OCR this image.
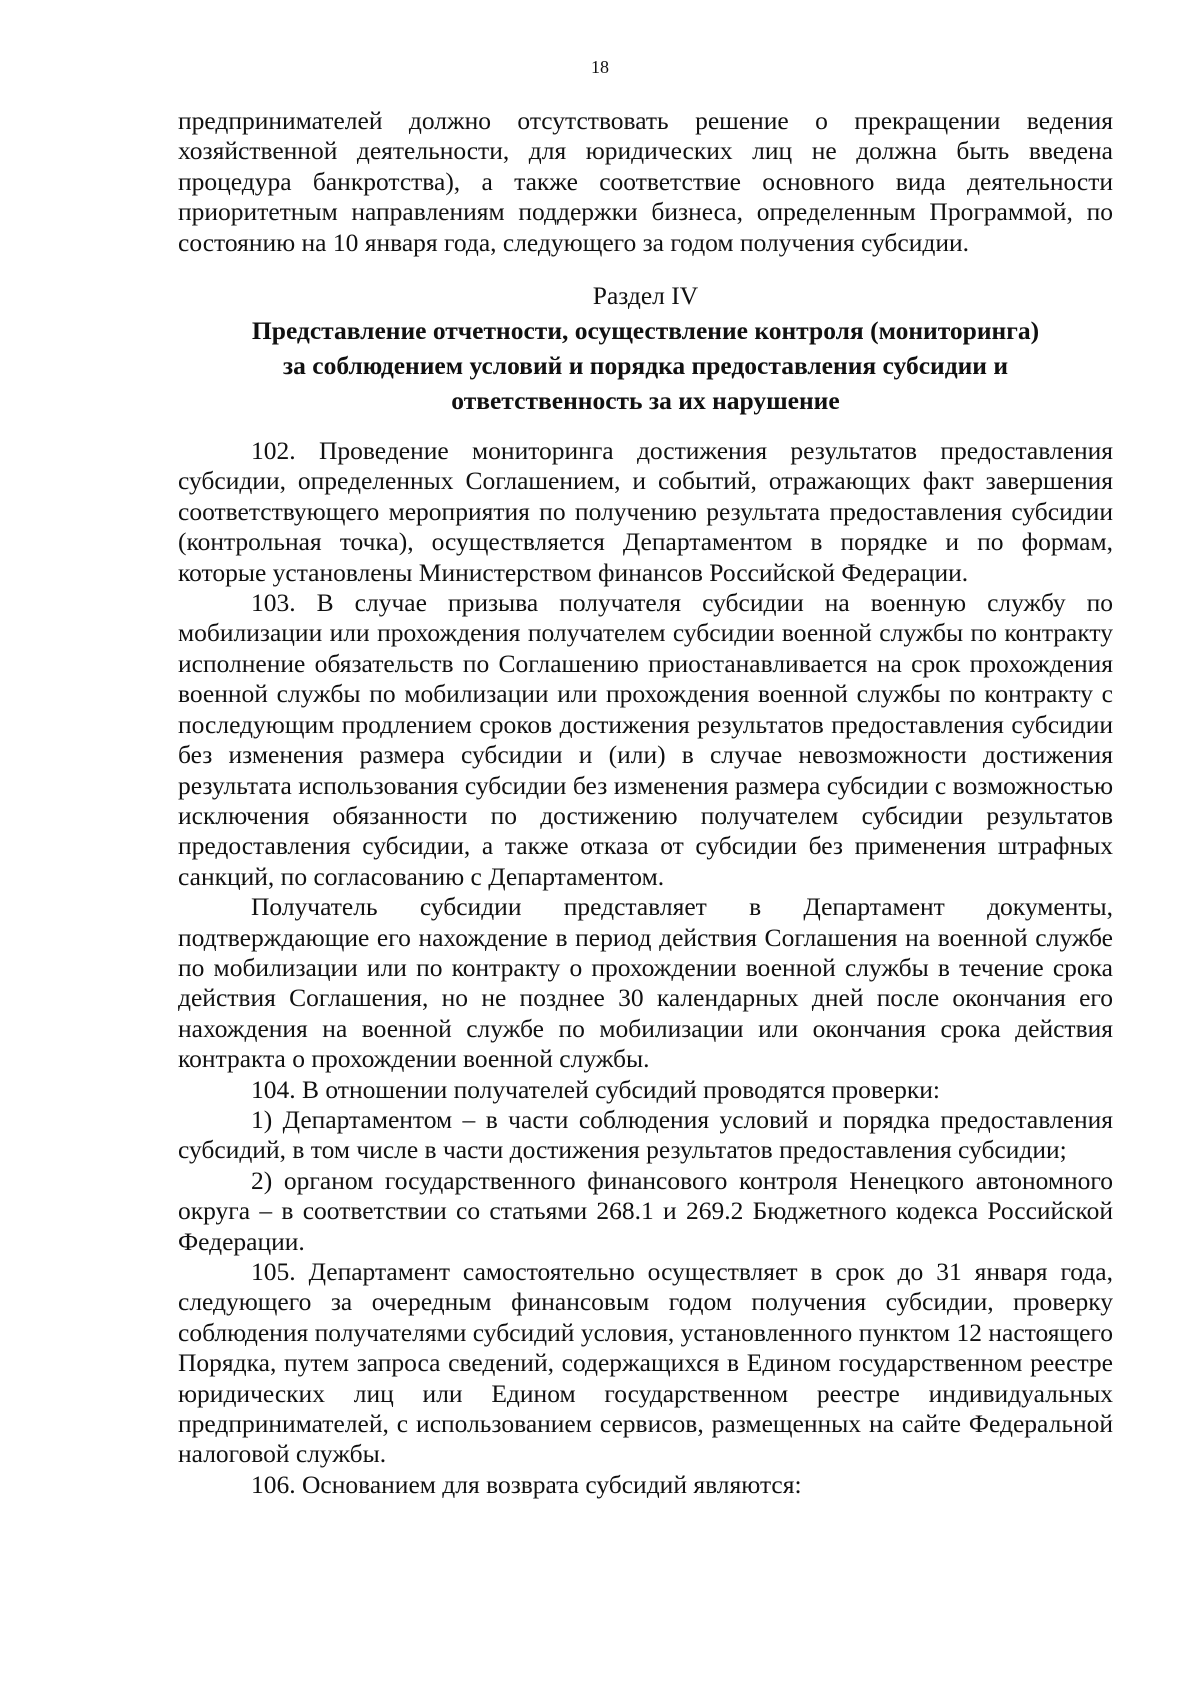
18

предпринимателей должно отсутствовать решение о прекращении ведения хозяйственной деятельности, для юридических лиц не должна быть введена процедура банкротства), а также соответствие основного вида деятельности приоритетным направлениям поддержки бизнеса, определенным Программой, по состоянию на 10 января года, следующего за годом получения субсидии.

Раздел IV
Представление отчетности, осуществление контроля (мониторинга) за соблюдением условий и порядка предоставления субсидии и ответственность за их нарушение

102. Проведение мониторинга достижения результатов предоставления субсидии, определенных Соглашением, и событий, отражающих факт завершения соответствующего мероприятия по получению результата предоставления субсидии (контрольная точка), осуществляется Департаментом в порядке и по формам, которые установлены Министерством финансов Российской Федерации.

103. В случае призыва получателя субсидии на военную службу по мобилизации или прохождения получателем субсидии военной службы по контракту исполнение обязательств по Соглашению приостанавливается на срок прохождения военной службы по мобилизации или прохождения военной службы по контракту с последующим продлением сроков достижения результатов предоставления субсидии без изменения размера субсидии и (или) в случае невозможности достижения результата использования субсидии без изменения размера субсидии с возможностью исключения обязанности по достижению получателем субсидии результатов предоставления субсидии, а также отказа от субсидии без применения штрафных санкций, по согласованию с Департаментом.

Получатель субсидии представляет в Департамент документы, подтверждающие его нахождение в период действия Соглашения на военной службе по мобилизации или по контракту о прохождении военной службы в течение срока действия Соглашения, но не позднее 30 календарных дней после окончания его нахождения на военной службе по мобилизации или окончания срока действия контракта о прохождении военной службы.

104. В отношении получателей субсидий проводятся проверки:

1) Департаментом – в части соблюдения условий и порядка предоставления субсидий, в том числе в части достижения результатов предоставления субсидии;

2) органом государственного финансового контроля Ненецкого автономного округа – в соответствии со статьями 268.1 и 269.2 Бюджетного кодекса Российской Федерации.

105. Департамент самостоятельно осуществляет в срок до 31 января года, следующего за очередным финансовым годом получения субсидии, проверку соблюдения получателями субсидий условия, установленного пунктом 12 настоящего Порядка, путем запроса сведений, содержащихся в Едином государственном реестре юридических лиц или Едином государственном реестре индивидуальных предпринимателей, с использованием сервисов, размещенных на сайте Федеральной налоговой службы.

106. Основанием для возврата субсидий являются:
